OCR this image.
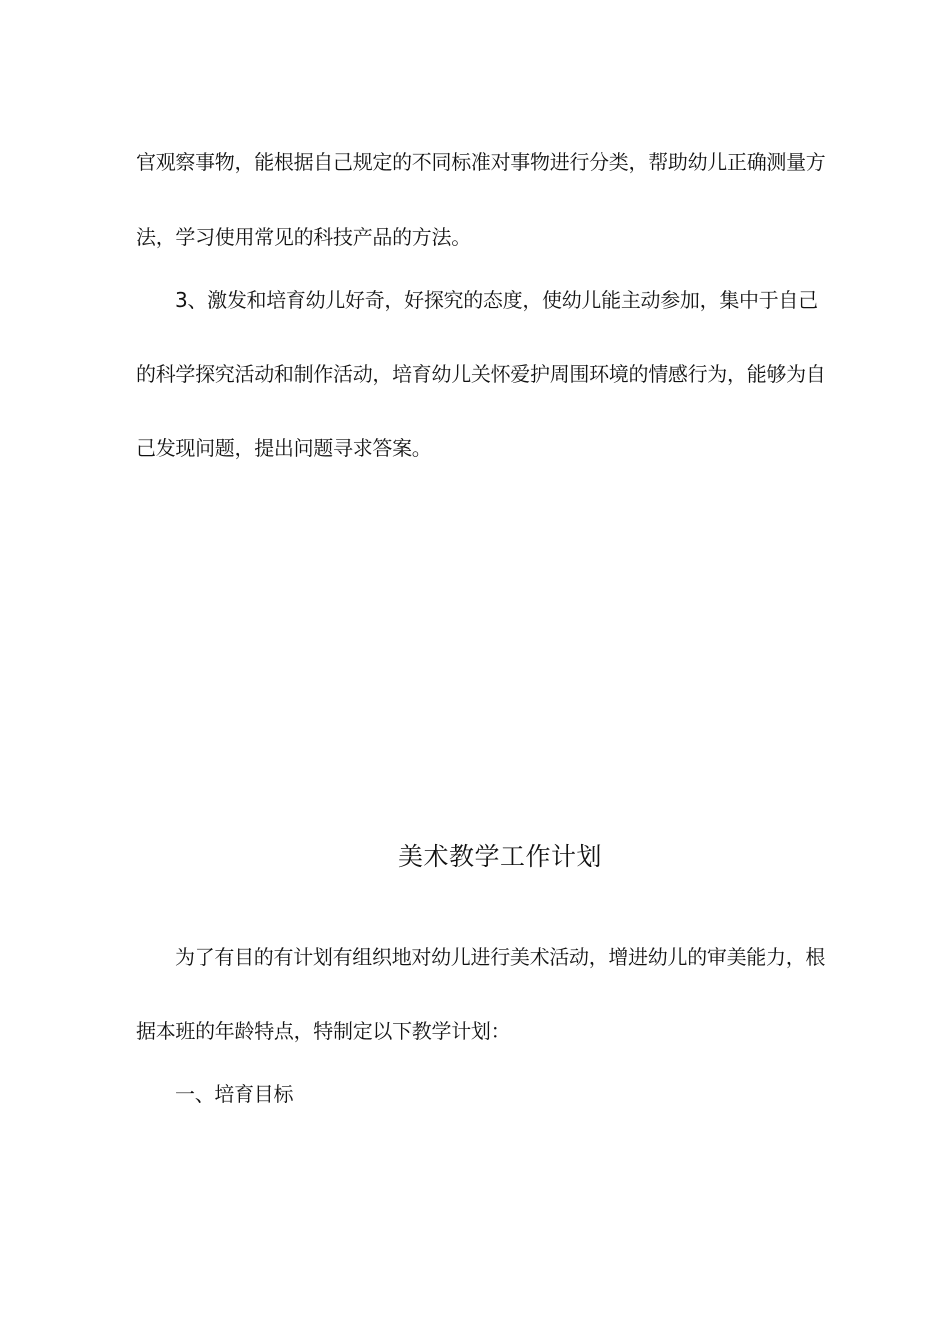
官观察事物，能根据自己规定的不同标准对事物进行分类，帮助幼儿正确测量方
法，学习使用常见的科技产品的方法。
3、激发和培育幼儿好奇，好探究的态度，使幼儿能主动参加，集中于自己
的科学探究活动和制作活动，培育幼儿关怀爱护周围环境的情感行为，能够为自
己发现问题，提出问题寻求答案。
美术教学工作计划
为了有目的有计划有组织地对幼儿进行美术活动，增进幼儿的审美能力，根
据本班的年龄特点，特制定以下教学计划：
一、培育目标
